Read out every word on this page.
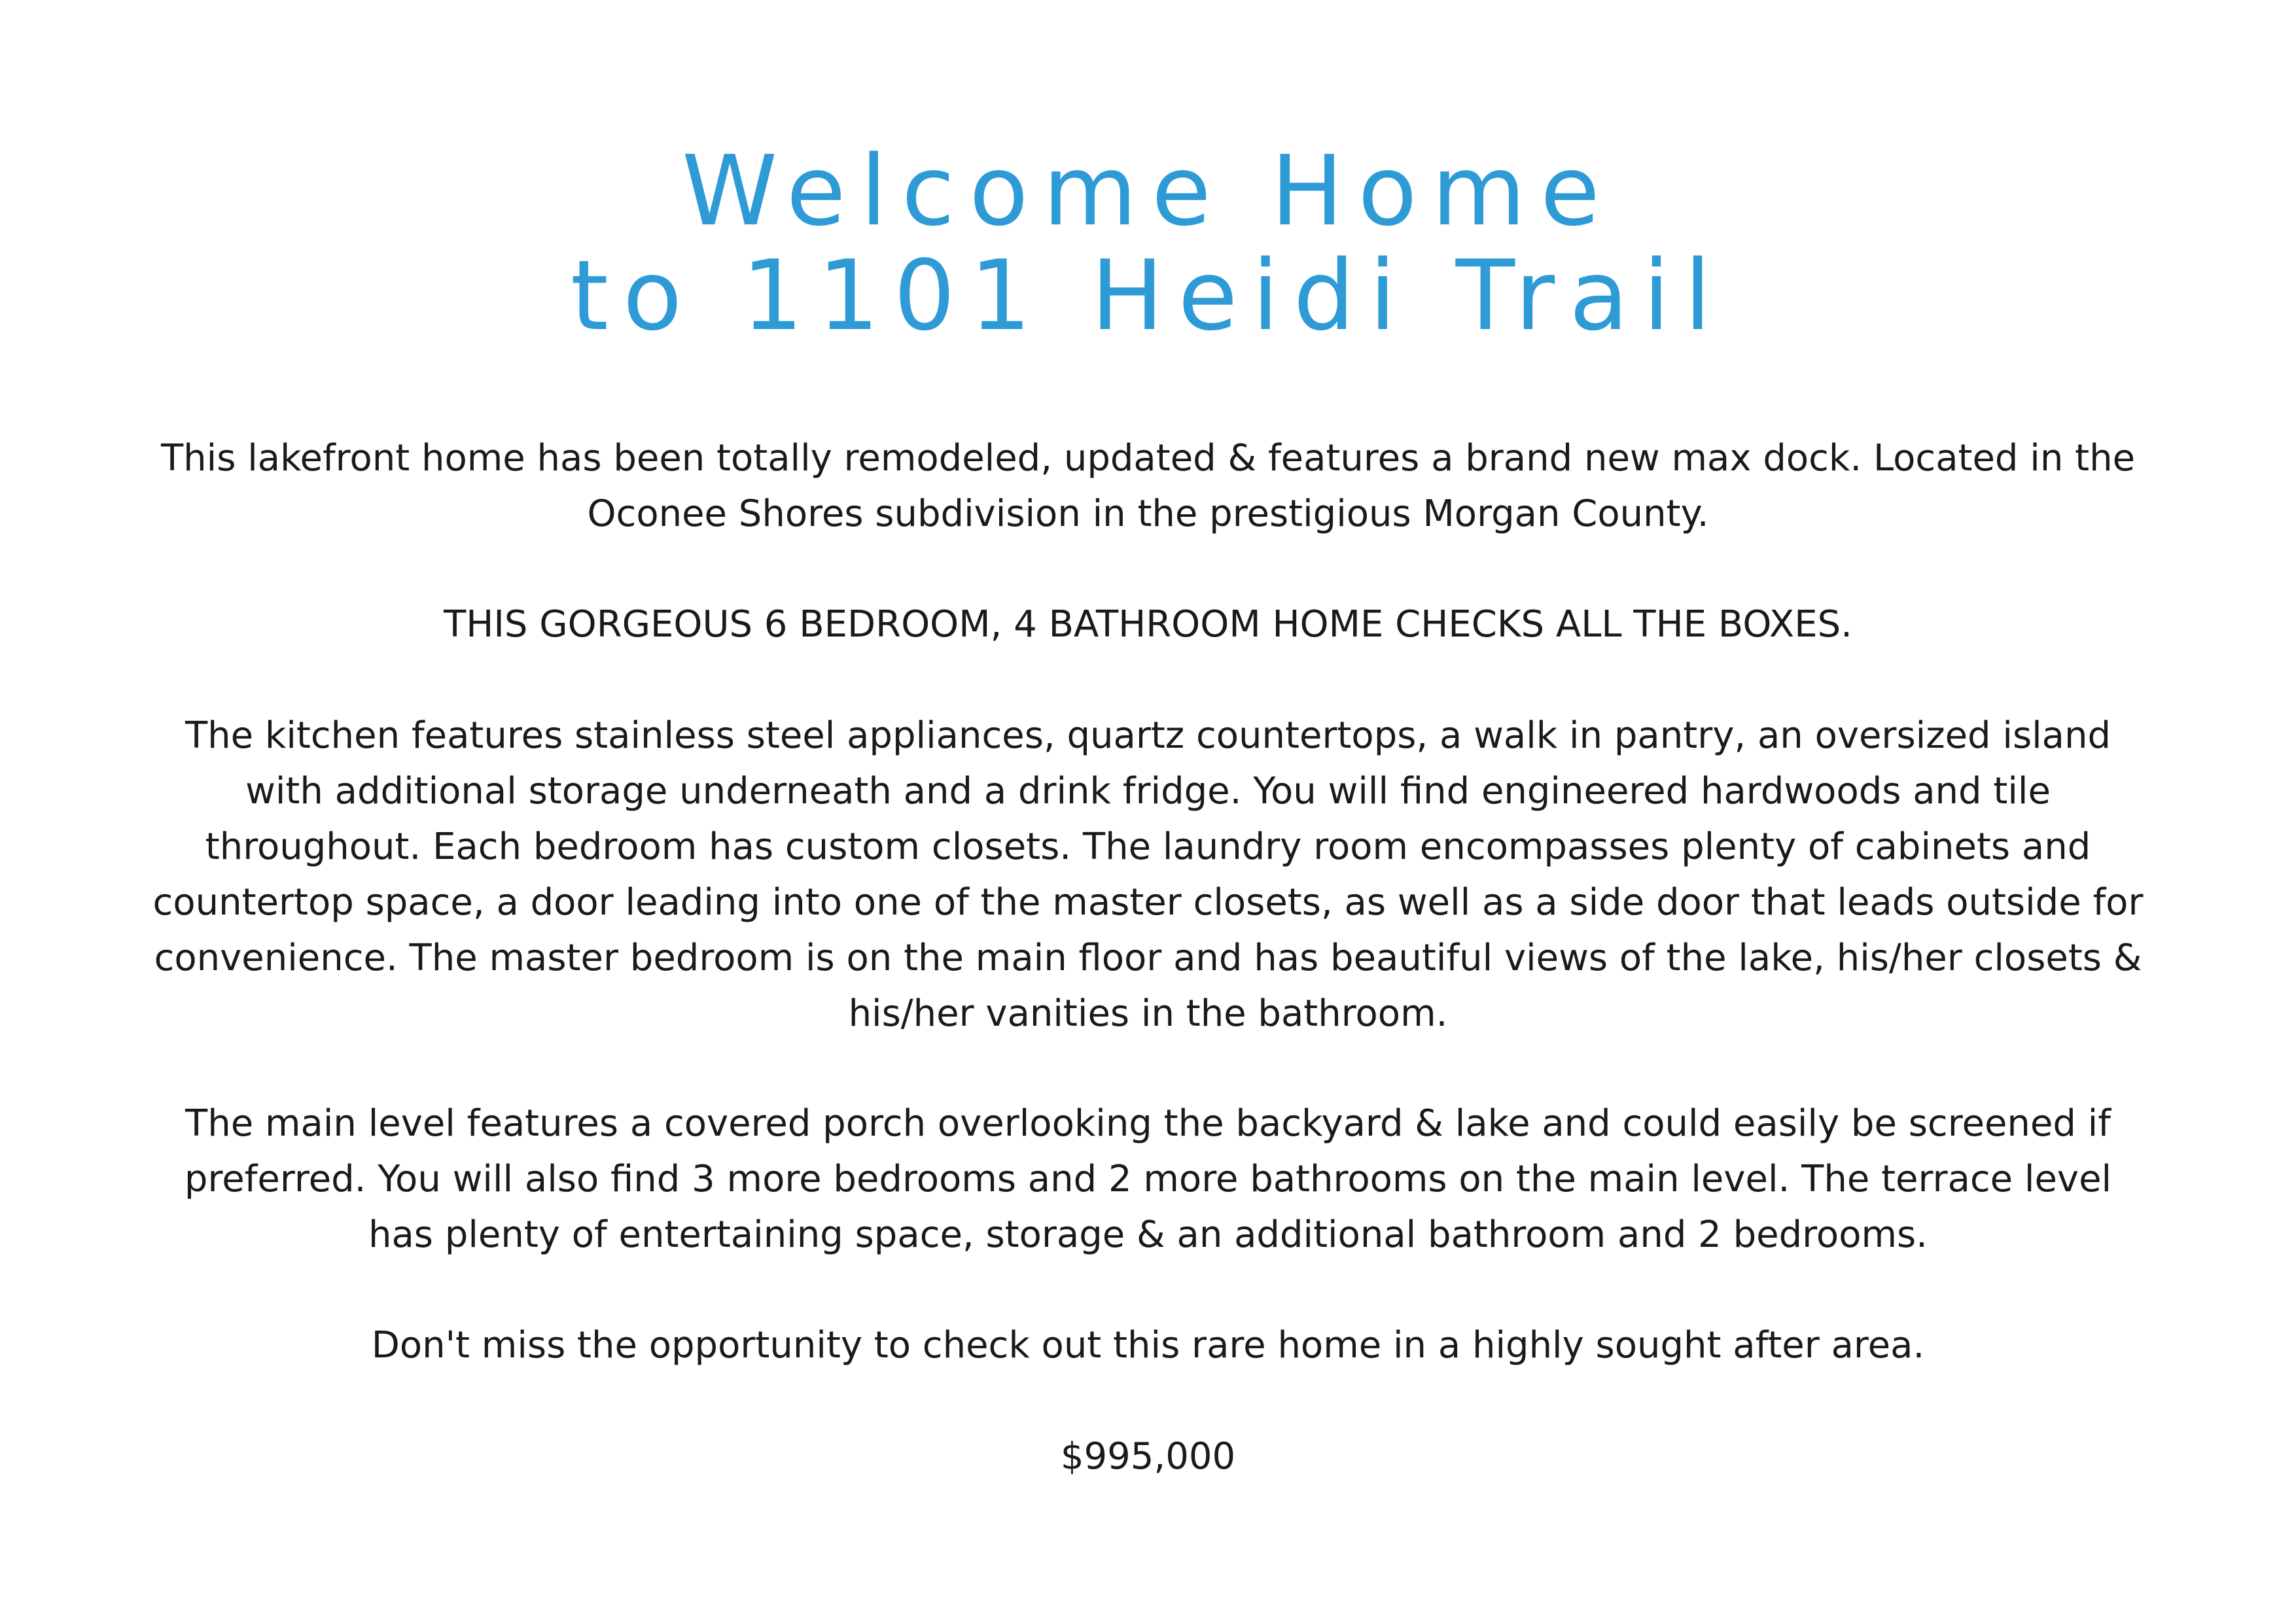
Welcome Home
to 1101 Heidi Trail

This lakefront home has been totally remodeled, updated & features a brand new max dock. Located in the
Oconee Shores subdivision in the prestigious Morgan County.

THIS GORGEOUS 6 BEDROOM, 4 BATHROOM HOME CHECKS ALL THE BOXES.

The kitchen features stainless steel appliances, quartz countertops, a walk in pantry, an oversized island
with additional storage underneath and a drink fridge. You will find engineered hardwoods and tile
throughout. Each bedroom has custom closets. The laundry room encompasses plenty of cabinets and
countertop space, a door leading into one of the master closets, as well as a side door that leads outside for
convenience. The master bedroom is on the main floor and has beautiful views of the lake, his/her closets &
his/her vanities in the bathroom.

The main level features a covered porch overlooking the backyard & lake and could easily be screened if
preferred. You will also find 3 more bedrooms and 2 more bathrooms on the main level. The terrace level
has plenty of entertaining space, storage & an additional bathroom and 2 bedrooms.

Don't miss the opportunity to check out this rare home in a highly sought after area.

$995,000
